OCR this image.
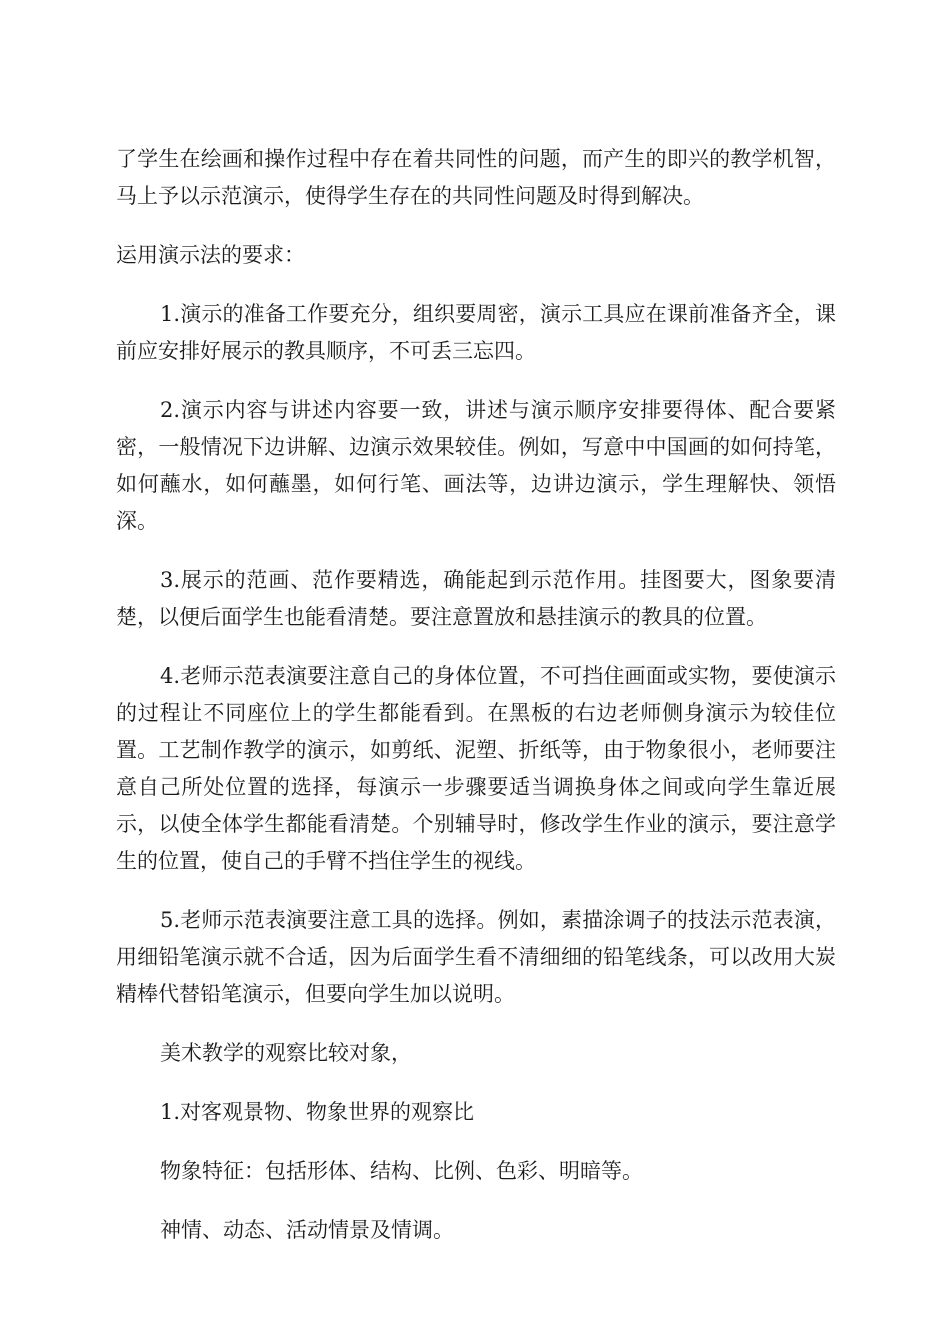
了学生在绘画和操作过程中存在着共同性的问题，而产生的即兴的教学机智，马上予以示范演示，使得学生存在的共同性问题及时得到解决。

运用演示法的要求：

1.演示的准备工作要充分，组织要周密，演示工具应在课前准备齐全，课前应安排好展示的教具顺序，不可丢三忘四。

2.演示内容与讲述内容要一致，讲述与演示顺序安排要得体、配合要紧密，一般情况下边讲解、边演示效果较佳。例如，写意中中国画的如何持笔，如何蘸水，如何蘸墨，如何行笔、画法等，边讲边演示，学生理解快、领悟深。

3.展示的范画、范作要精选，确能起到示范作用。挂图要大，图象要清楚，以便后面学生也能看清楚。要注意置放和悬挂演示的教具的位置。

4.老师示范表演要注意自己的身体位置，不可挡住画面或实物，要使演示的过程让不同座位上的学生都能看到。在黑板的右边老师侧身演示为较佳位置。工艺制作教学的演示，如剪纸、泥塑、折纸等，由于物象很小，老师要注意自己所处位置的选择，每演示一步骤要适当调换身体之间或向学生靠近展示，以使全体学生都能看清楚。个别辅导时，修改学生作业的演示，要注意学生的位置，使自己的手臂不挡住学生的视线。

5.老师示范表演要注意工具的选择。例如，素描涂调子的技法示范表演，用细铅笔演示就不合适，因为后面学生看不清细细的铅笔线条，可以改用大炭精棒代替铅笔演示，但要向学生加以说明。

美术教学的观察比较对象，

1.对客观景物、物象世界的观察比

物象特征：包括形体、结构、比例、色彩、明暗等。

神情、动态、活动情景及情调。
